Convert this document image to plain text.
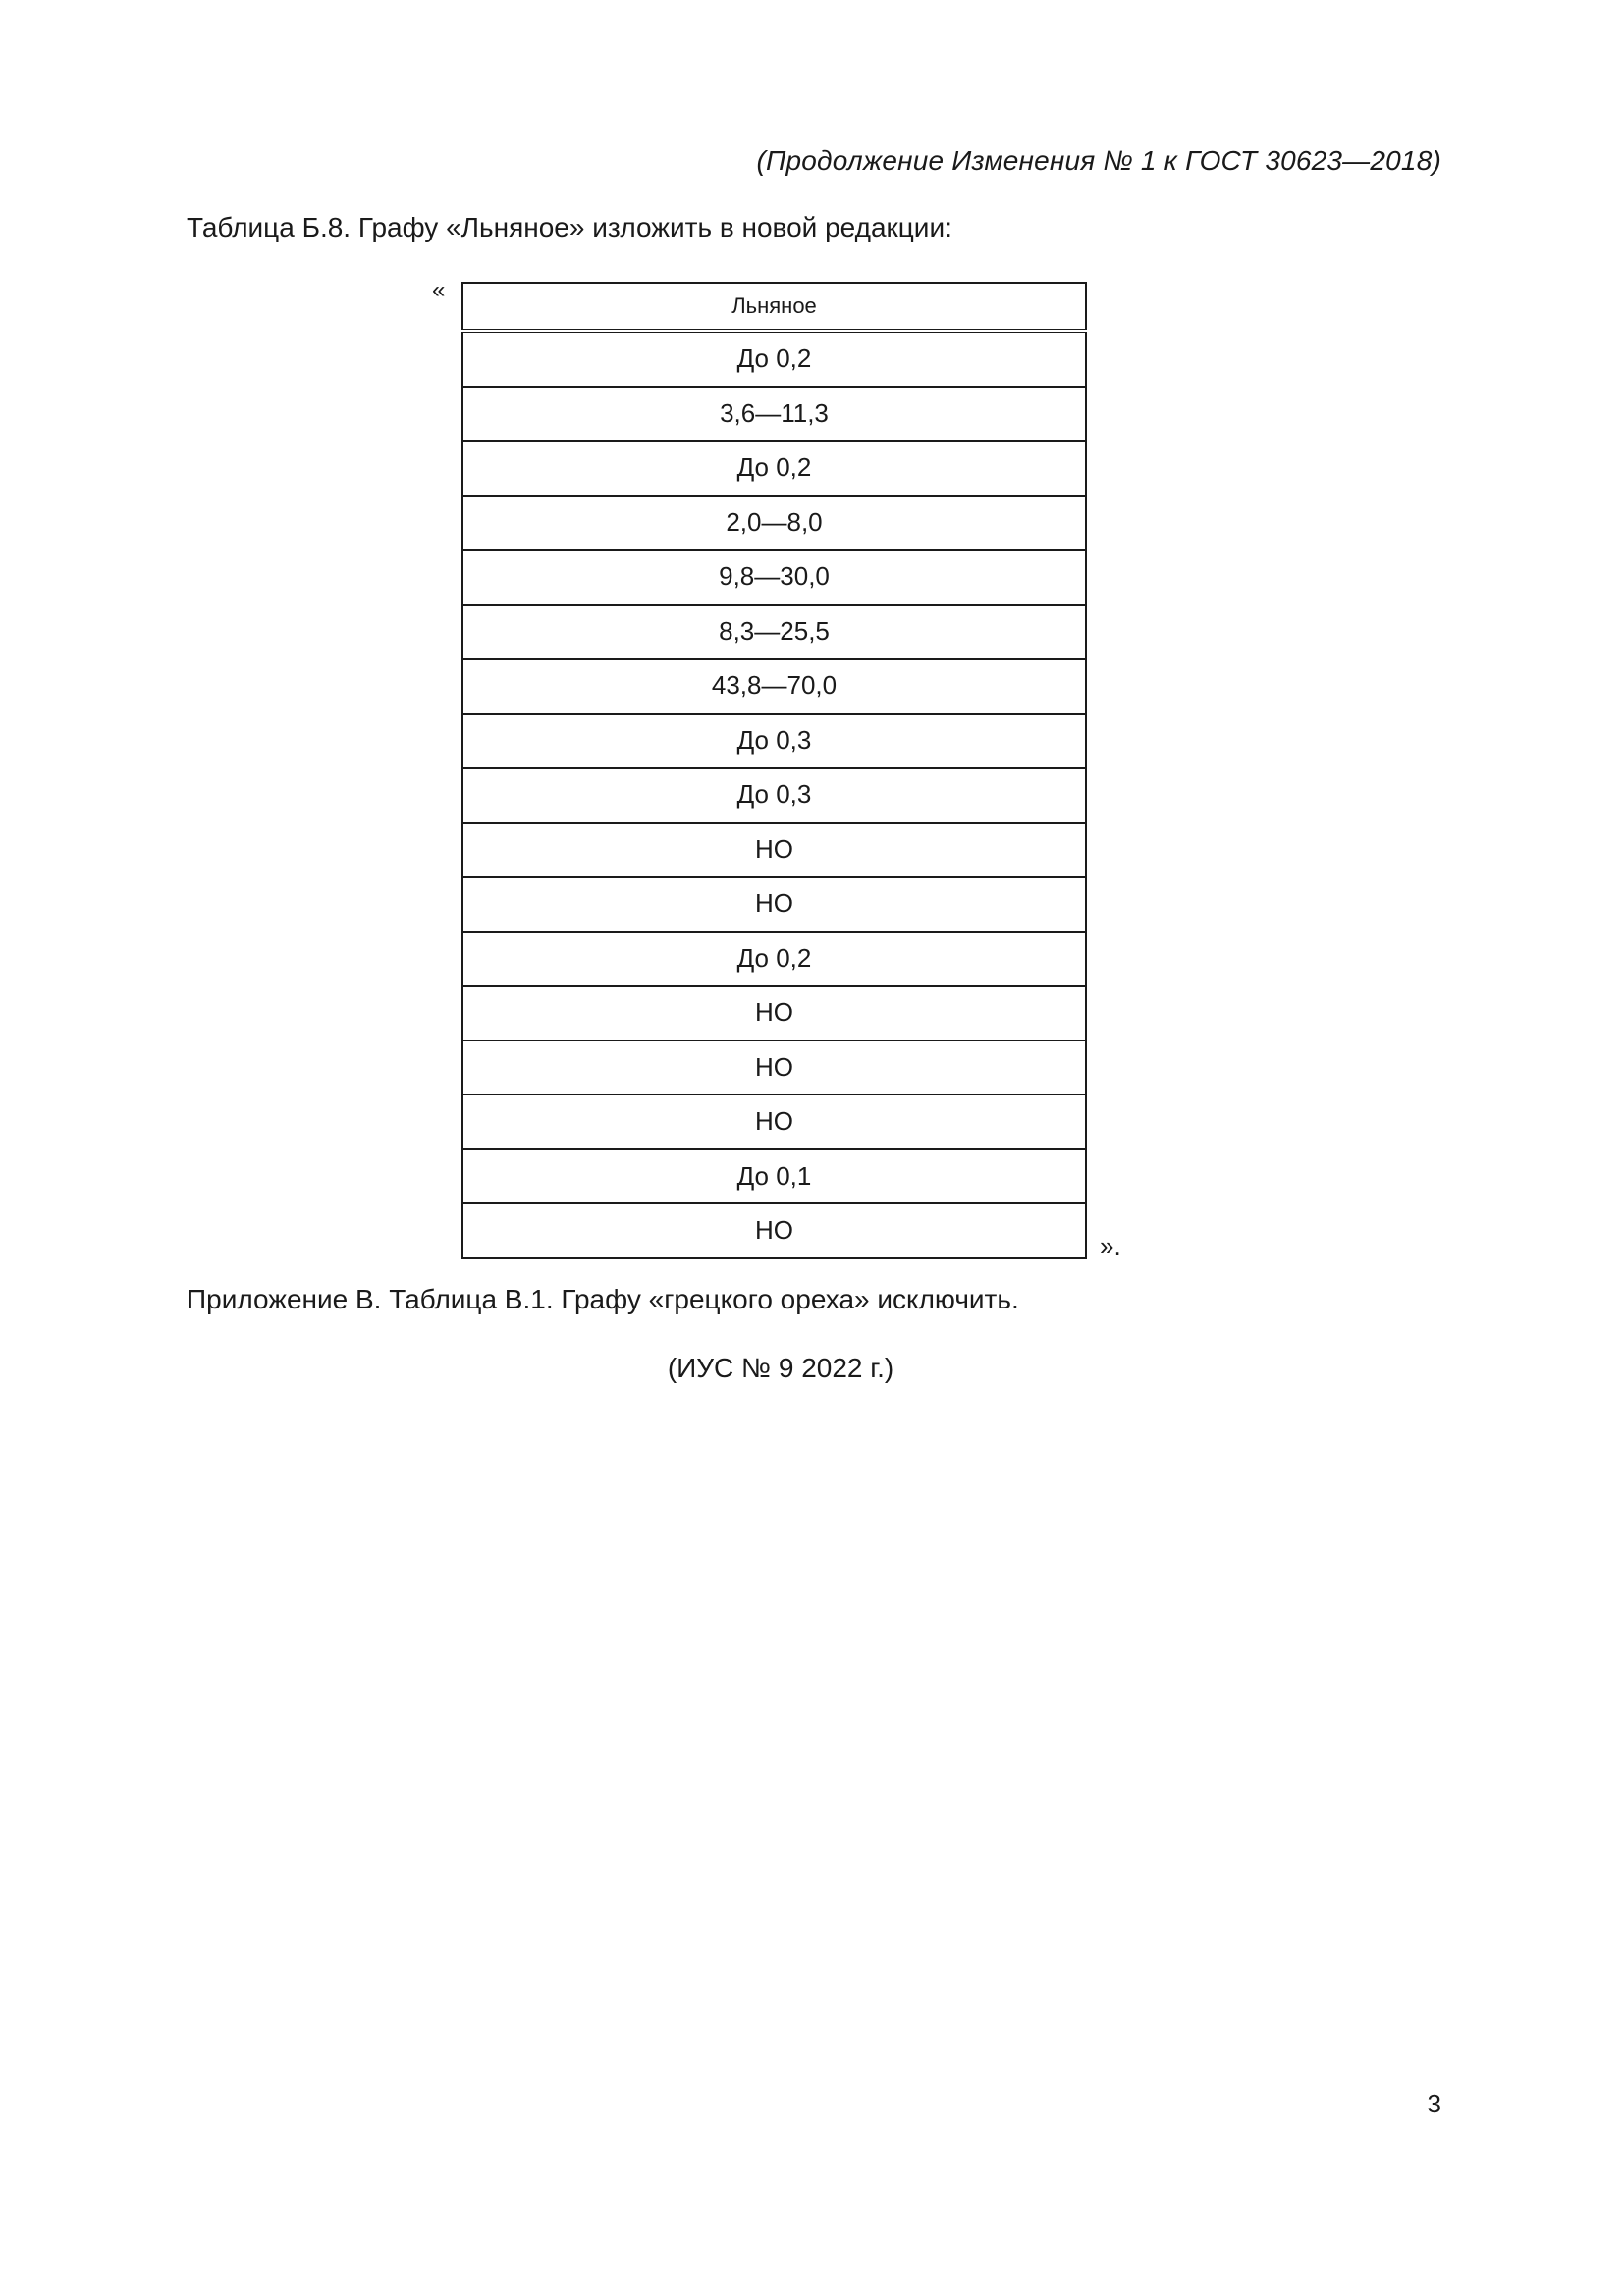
(Продолжение Изменения № 1 к ГОСТ 30623—2018)
Таблица Б.8. Графу «Льняное» изложить в новой редакции:
«
Льняное
До 0,2
3,6—11,3
До 0,2
2,0—8,0
9,8—30,0
8,3—25,5
43,8—70,0
До 0,3
До 0,3
НО
НО
До 0,2
НО
НО
НО
До 0,1
НО
».
Приложение В. Таблица В.1. Графу «грецкого ореха» исключить.
(ИУС № 9 2022 г.)
3
